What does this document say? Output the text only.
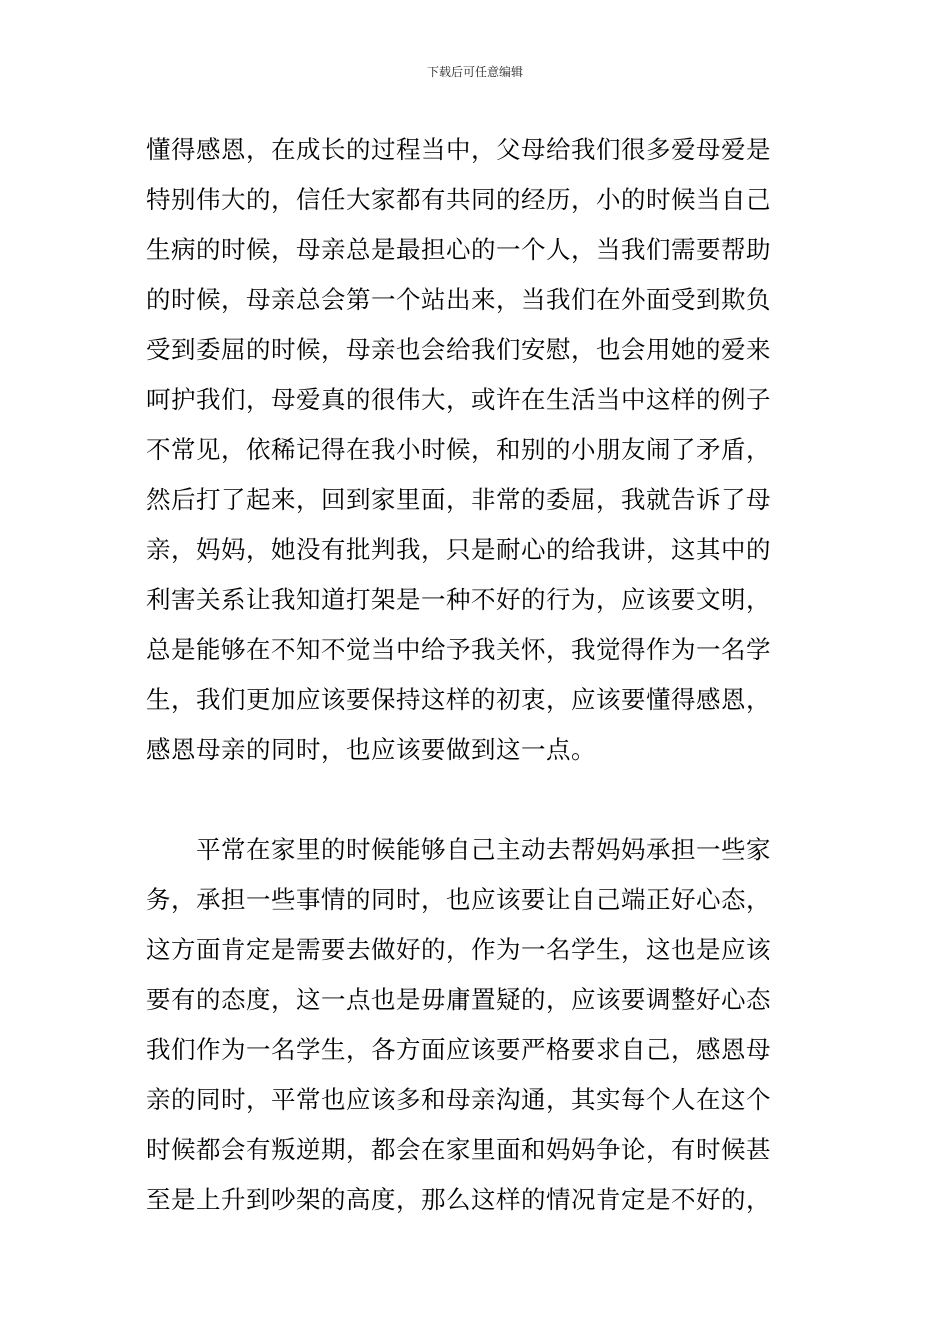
下载后可任意编辑
懂得感恩，在成长的过程当中，父母给我们很多爱母爱是
特别伟大的，信任大家都有共同的经历，小的时候当自己
生病的时候，母亲总是最担心的一个人，当我们需要帮助
的时候，母亲总会第一个站出来，当我们在外面受到欺负
受到委屈的时候，母亲也会给我们安慰，也会用她的爱来
呵护我们，母爱真的很伟大，或许在生活当中这样的例子
不常见，依稀记得在我小时候，和别的小朋友闹了矛盾，
然后打了起来，回到家里面，非常的委屈，我就告诉了母
亲，妈妈，她没有批判我，只是耐心的给我讲，这其中的
利害关系让我知道打架是一种不好的行为，应该要文明，
总是能够在不知不觉当中给予我关怀，我觉得作为一名学
生，我们更加应该要保持这样的初衷，应该要懂得感恩，
感恩母亲的同时，也应该要做到这一点。
　　平常在家里的时候能够自己主动去帮妈妈承担一些家
务，承担一些事情的同时，也应该要让自己端正好心态，
这方面肯定是需要去做好的，作为一名学生，这也是应该
要有的态度，这一点也是毋庸置疑的，应该要调整好心态
我们作为一名学生，各方面应该要严格要求自己，感恩母
亲的同时，平常也应该多和母亲沟通，其实每个人在这个
时候都会有叛逆期，都会在家里面和妈妈争论，有时候甚
至是上升到吵架的高度，那么这样的情况肯定是不好的，
